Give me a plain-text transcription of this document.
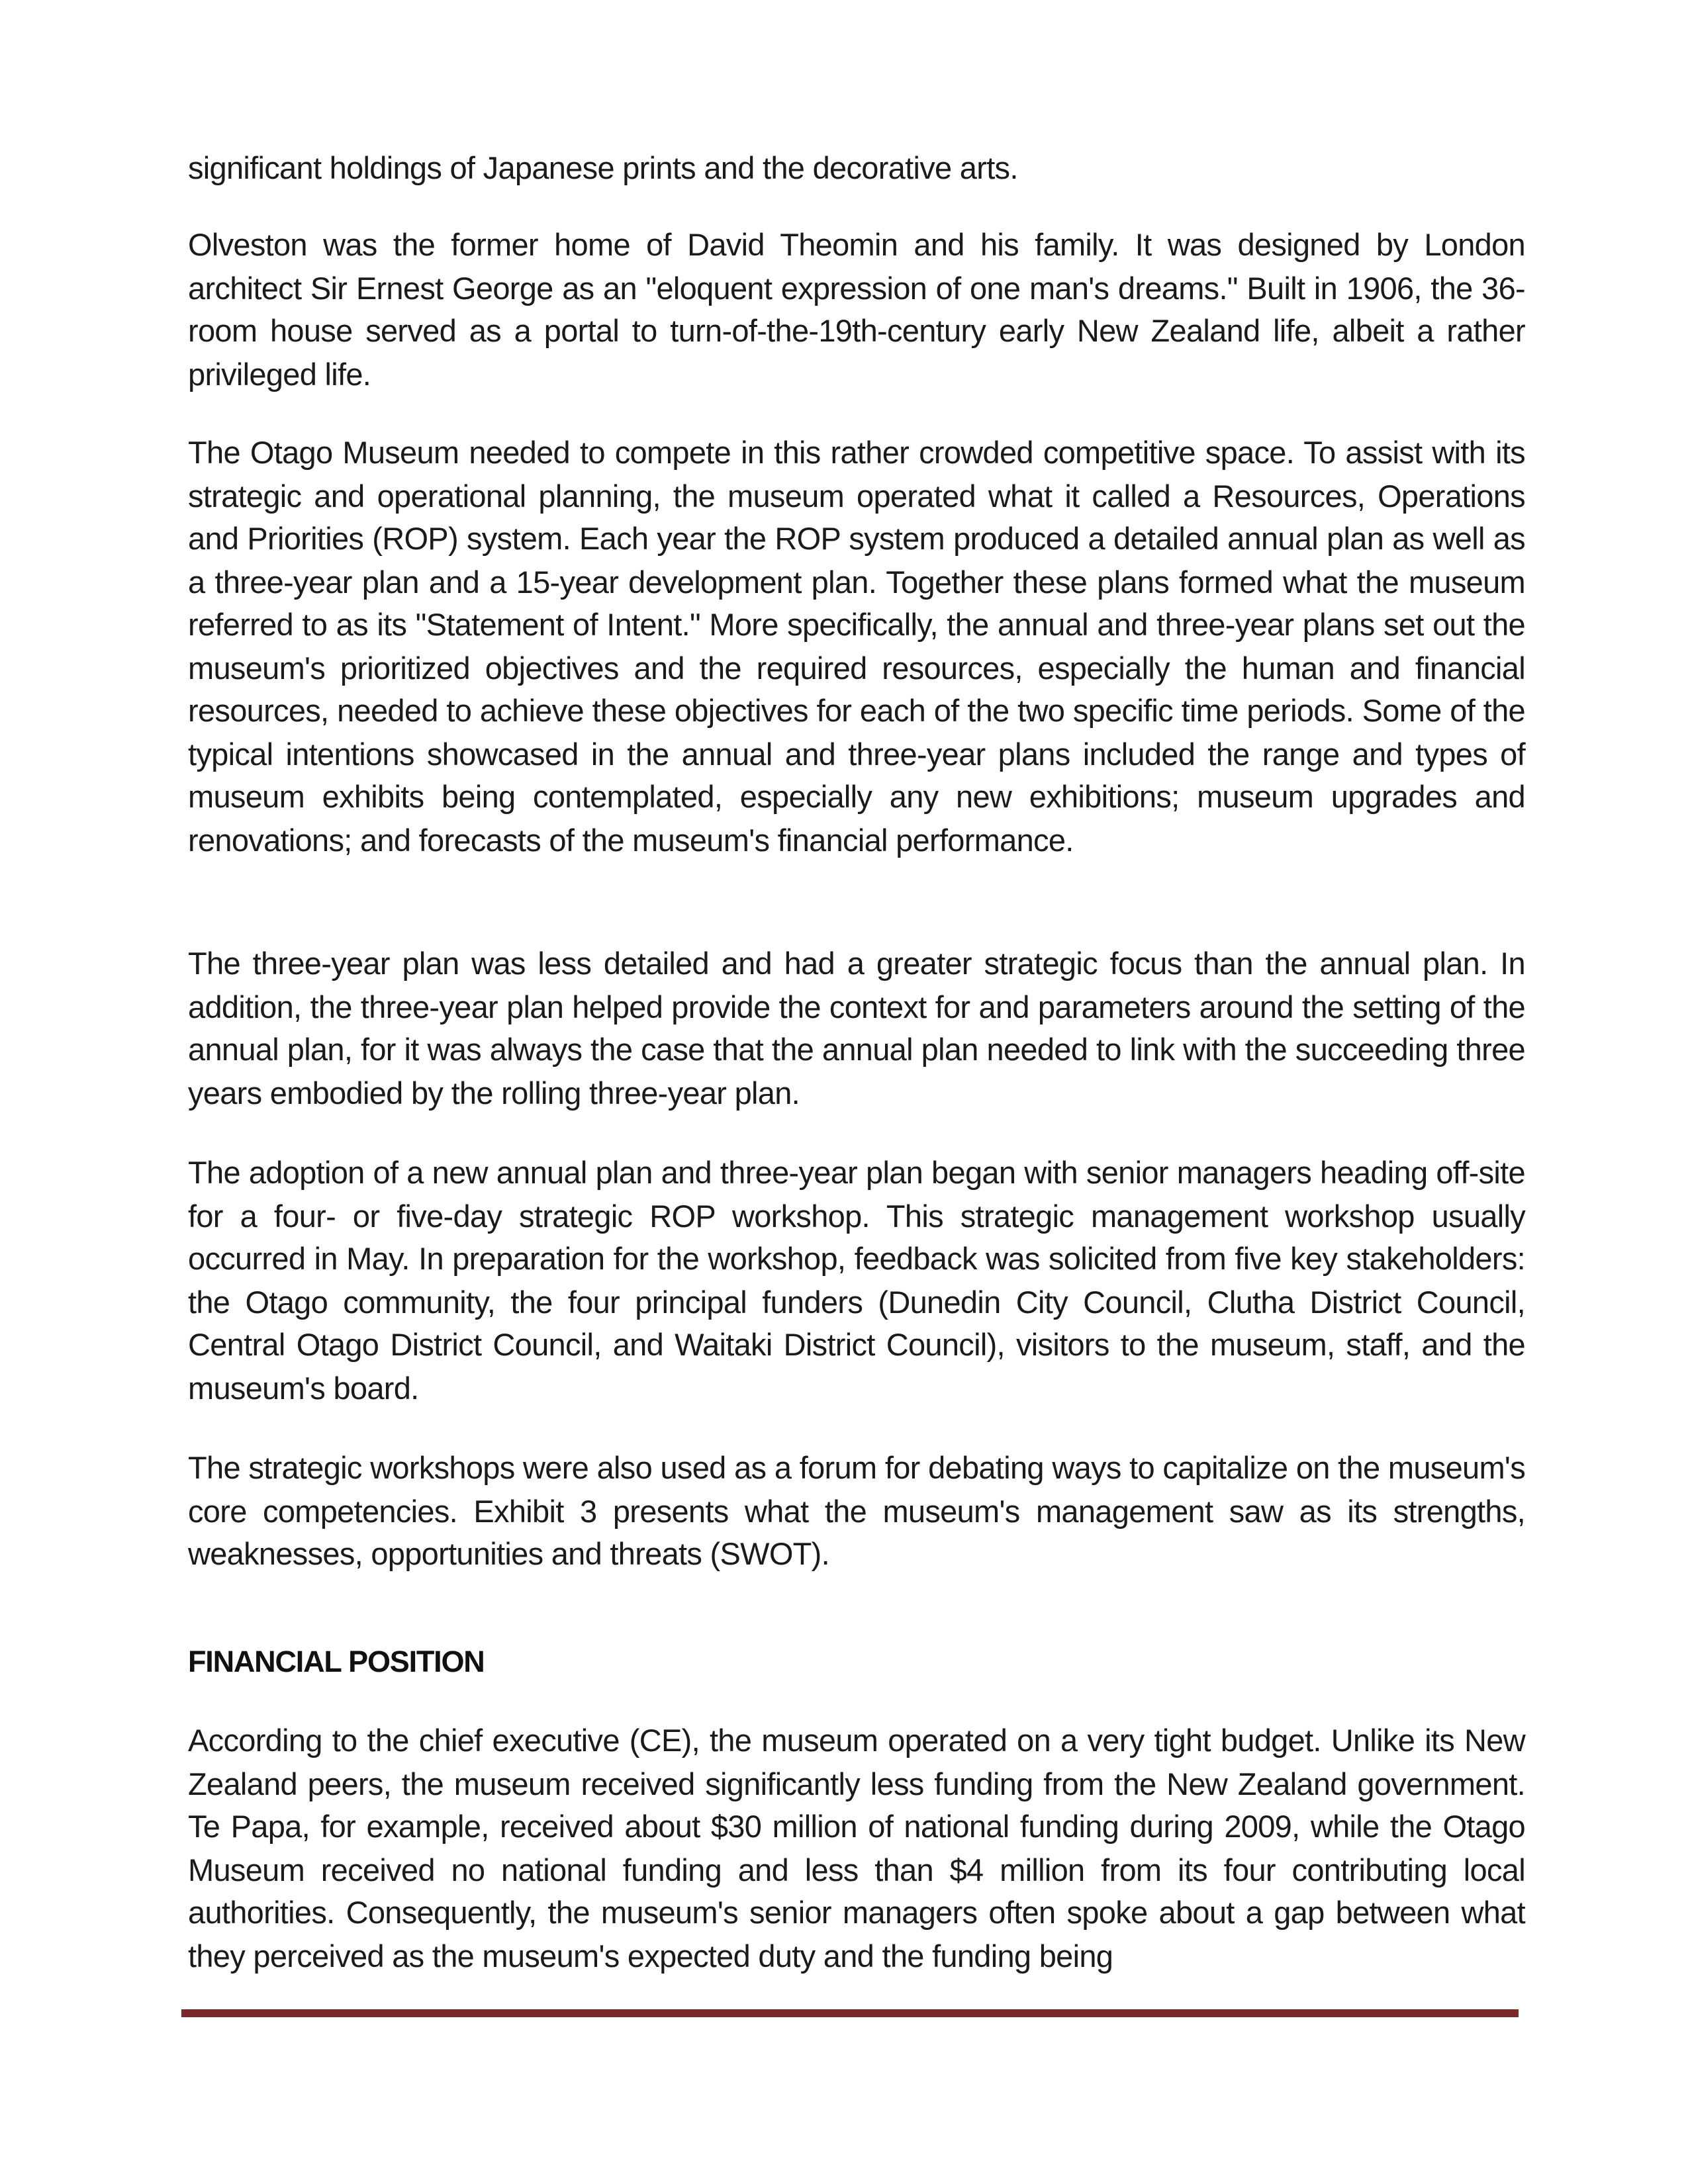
significant holdings of Japanese prints and the decorative arts.

Olveston was the former home of David Theomin and his family. It was designed by London architect Sir Ernest George as an "eloquent expression of one man's dreams." Built in 1906, the 36-room house served as a portal to turn-of-the-19th-century early New Zealand life, albeit a rather privileged life.

The Otago Museum needed to compete in this rather crowded competitive space. To assist with its strategic and operational planning, the museum operated what it called a Resources, Operations and Priorities (ROP) system. Each year the ROP system produced a detailed annual plan as well as a three-year plan and a 15-year development plan. Together these plans formed what the museum referred to as its "Statement of Intent." More specifically, the annual and three-year plans set out the museum's prioritized objectives and the required resources, especially the human and financial resources, needed to achieve these objectives for each of the two specific time periods. Some of the typical intentions showcased in the annual and three-year plans included the range and types of museum exhibits being contemplated, especially any new exhibitions; museum upgrades and renovations; and forecasts of the museum's financial performance.

The three-year plan was less detailed and had a greater strategic focus than the annual plan. In addition, the three-year plan helped provide the context for and parameters around the setting of the annual plan, for it was always the case that the annual plan needed to link with the succeeding three years embodied by the rolling three-year plan.

The adoption of a new annual plan and three-year plan began with senior managers heading off-site for a four- or five-day strategic ROP workshop. This strategic management workshop usually occurred in May. In preparation for the workshop, feedback was solicited from five key stakeholders: the Otago community, the four principal funders (Dunedin City Council, Clutha District Council, Central Otago District Council, and Waitaki District Council), visitors to the museum, staff, and the museum's board.

The strategic workshops were also used as a forum for debating ways to capitalize on the museum's core competencies. Exhibit 3 presents what the museum's management saw as its strengths, weaknesses, opportunities and threats (SWOT).

FINANCIAL POSITION

According to the chief executive (CE), the museum operated on a very tight budget. Unlike its New Zealand peers, the museum received significantly less funding from the New Zealand government. Te Papa, for example, received about $30 million of national funding during 2009, while the Otago Museum received no national funding and less than $4 million from its four contributing local authorities. Consequently, the museum's senior managers often spoke about a gap between what they perceived as the museum's expected duty and the funding being
